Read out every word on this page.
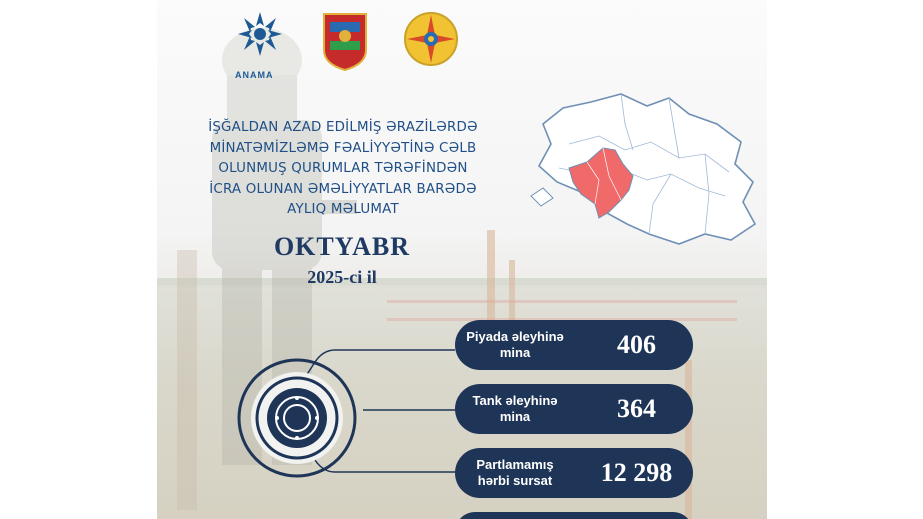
ANAMA
İŞĞALDAN AZAD EDİLMİŞ ƏRAZİLƏRDƏ
MİNATƏMİZLƏMƏ FƏALİYYƏTİNƏ CƏLB
OLUNMUŞ QURUMLAR TƏRƏFİNDƏN
İCRA OLUNAN ƏMƏLİYYATLAR BARƏDƏ
AYLIQ MƏLUMAT
OKTYABR
2025-ci il
Piyada əleyhinə
mina	406
Tank əleyhinə
mina	364
Partlamamış
hərbi sursat	12 298
